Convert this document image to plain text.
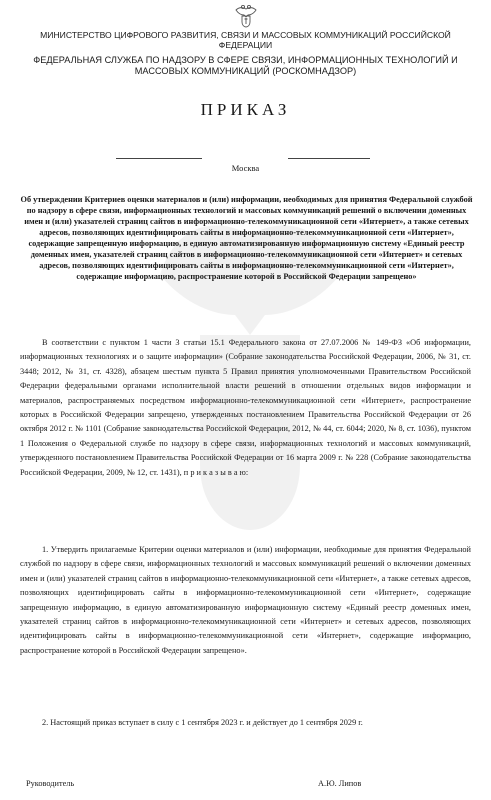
МИНИСТЕРСТВО ЦИФРОВОГО РАЗВИТИЯ, СВЯЗИ И МАССОВЫХ КОММУНИКАЦИЙ РОССИЙСКОЙ ФЕДЕРАЦИИ
ФЕДЕРАЛЬНАЯ СЛУЖБА ПО НАДЗОРУ В СФЕРЕ СВЯЗИ, ИНФОРМАЦИОННЫХ ТЕХНОЛОГИЙ И МАССОВЫХ КОММУНИКАЦИЙ (РОСКОМНАДЗОР)
ПРИКАЗ
Москва
Об утверждении Критериев оценки материалов и (или) информации, необходимых для принятия Федеральной службой по надзору в сфере связи, информационных технологий и массовых коммуникаций решений о включении доменных имен и (или) указателей страниц сайтов в информационно-телекоммуникационной сети «Интернет», а также сетевых адресов, позволяющих идентифицировать сайты в информационно-телекоммуникационной сети «Интернет», содержащие запрещенную информацию, в единую автоматизированную информационную систему «Единый реестр доменных имен, указателей страниц сайтов в информационно-телекоммуникационной сети «Интернет» и сетевых адресов, позволяющих идентифицировать сайты в информационно-телекоммуникационной сети «Интернет», содержащие информацию, распространение которой в Российской Федерации запрещено»
В соответствии с пунктом 1 части 3 статьи 15.1 Федерального закона от 27.07.2006 № 149-ФЗ «Об информации, информационных технологиях и о защите информации» (Собрание законодательства Российской Федерации, 2006, № 31, ст. 3448; 2012, № 31, ст. 4328), абзацем шестым пункта 5 Правил принятия уполномоченными Правительством Российской Федерации федеральными органами исполнительной власти решений в отношении отдельных видов информации и материалов, распространяемых посредством информационно-телекоммуникационной сети «Интернет», распространение которых в Российской Федерации запрещено, утвержденных постановлением Правительства Российской Федерации от 26 октября 2012 г. № 1101 (Собрание законодательства Российской Федерации, 2012, № 44, ст. 6044; 2020, № 8, ст. 1036), пунктом 1 Положения о Федеральной службе по надзору в сфере связи, информационных технологий и массовых коммуникаций, утвержденного постановлением Правительства Российской Федерации от 16 марта 2009 г. № 228 (Собрание законодательства Российской Федерации, 2009, № 12, ст. 1431), п р и к а з ы в а ю:
1. Утвердить прилагаемые Критерии оценки материалов и (или) информации, необходимые для принятия Федеральной службой по надзору в сфере связи, информационных технологий и массовых коммуникаций решений о включении доменных имен и (или) указателей страниц сайтов в информационно-телекоммуникационной сети «Интернет», а также сетевых адресов, позволяющих идентифицировать сайты в информационно-телекоммуникационной сети «Интернет», содержащие запрещенную информацию, в единую автоматизированную информационную систему «Единый реестр доменных имен, указателей страниц сайтов в информационно-телекоммуникационной сети «Интернет» и сетевых адресов, позволяющих идентифицировать сайты в информационно-телекоммуникационной сети «Интернет», содержащие информацию, распространение которой в Российской Федерации запрещено».
2. Настоящий приказ вступает в силу с 1 сентября 2023 г. и действует до 1 сентября 2029 г.
Руководитель	А.Ю. Липов
